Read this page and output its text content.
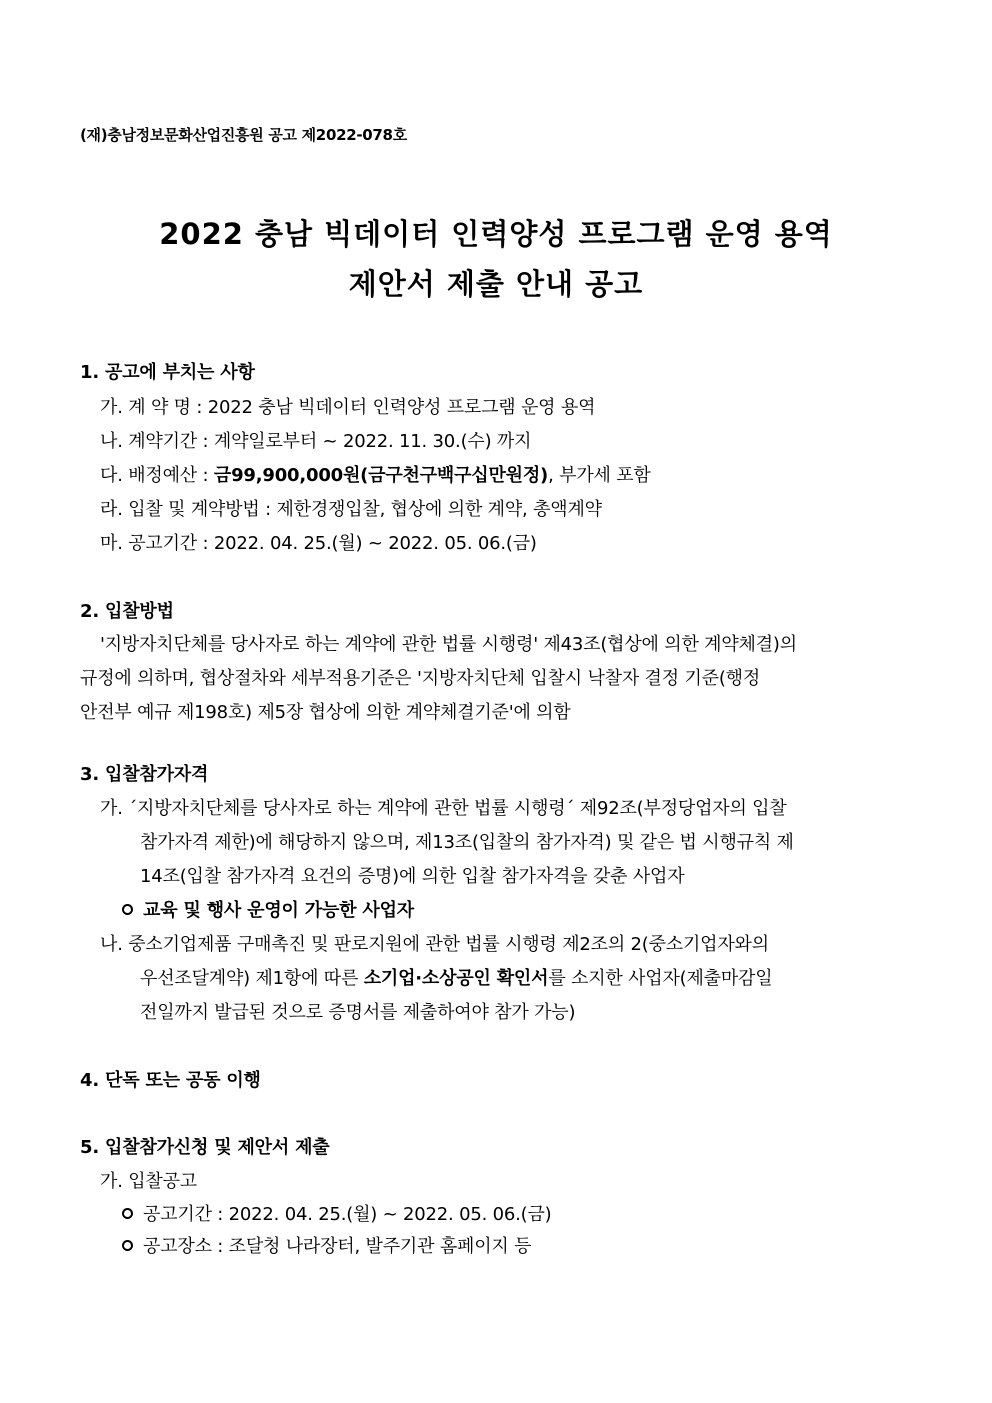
(재)충남정보문화산업진흥원 공고 제2022-078호
2022 충남 빅데이터 인력양성 프로그램 운영 용역
제안서 제출 안내 공고
1. 공고에 부치는 사항
가. 계 약 명 : 2022 충남 빅데이터 인력양성 프로그램 운영 용역
나. 계약기간 : 계약일로부터 ~ 2022. 11. 30.(수) 까지
다. 배정예산 : 금99,900,000원(금구천구백구십만원정), 부가세 포함
라. 입찰 및 계약방법 : 제한경쟁입찰, 협상에 의한 계약, 총액계약
마. 공고기간 : 2022. 04. 25.(월) ~ 2022. 05. 06.(금)
2. 입찰방법
'지방자치단체를 당사자로 하는 계약에 관한 법률 시행령' 제43조(협상에 의한 계약체결)의
규정에 의하며, 협상절차와 세부적용기준은 '지방자치단체 입찰시 낙찰자 결정 기준(행정
안전부 예규 제198호) 제5장 협상에 의한 계약체결기준'에 의함
3. 입찰참가자격
가. ´지방자치단체를 당사자로 하는 계약에 관한 법률 시행령´ 제92조(부정당업자의 입찰
참가자격 제한)에 해당하지 않으며, 제13조(입찰의 참가자격) 및 같은 법 시행규칙 제
14조(입찰 참가자격 요건의 증명)에 의한 입찰 참가자격을 갖춘 사업자
교육 및 행사 운영이 가능한 사업자
나. 중소기업제품 구매촉진 및 판로지원에 관한 법률 시행령 제2조의 2(중소기업자와의
우선조달계약) 제1항에 따른 소기업·소상공인 확인서를 소지한 사업자(제출마감일
전일까지 발급된 것으로 증명서를 제출하여야 참가 가능)
4. 단독 또는 공동 이행
5. 입찰참가신청 및 제안서 제출
가. 입찰공고
공고기간 : 2022. 04. 25.(월) ~ 2022. 05. 06.(금)
공고장소 : 조달청 나라장터, 발주기관 홈페이지 등
